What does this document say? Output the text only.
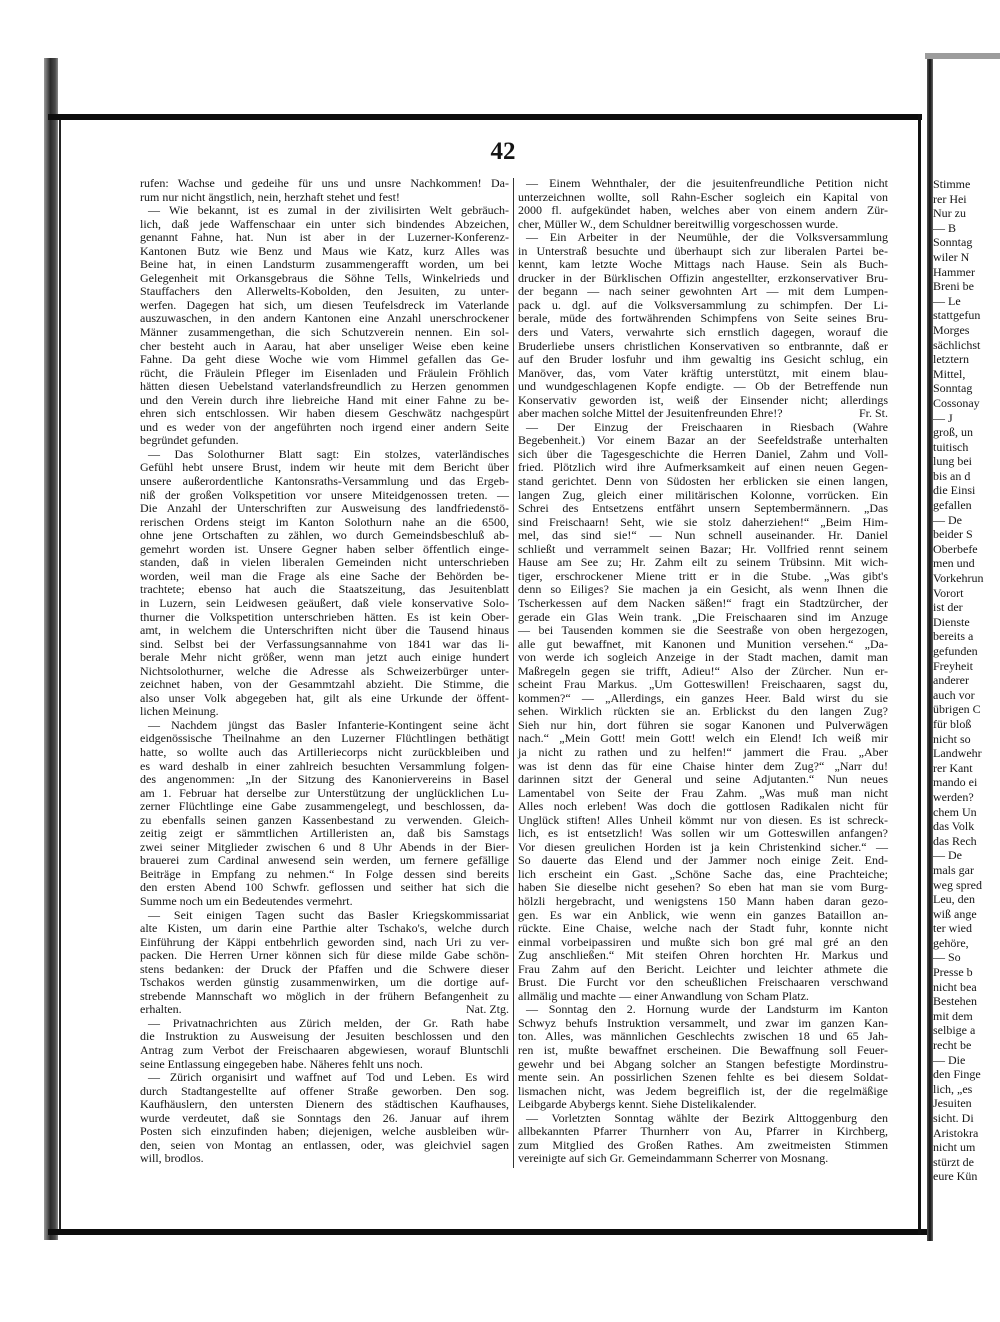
42
rufen: Wachse und gedeihe für uns und unsre Nachkommen! Da-
rum nur nicht ängstlich, nein, herzhaft stehet und fest!
— Wie bekannt, ist es zumal in der zivilisirten Welt gebräuch-
lich, daß jede Waffenschaar ein unter sich bindendes Abzeichen,
genannt Fahne, hat. Nun ist aber in der Luzerner-Konferenz-
Kantonen Butz wie Benz und Maus wie Katz, kurz Alles was
Beine hat, in einen Landsturm zusammengerafft worden, um bei
Gelegenheit mit Orkansgebraus die Söhne Tells, Winkelrieds und
Stauffachers den Allerwelts-Kobolden, den Jesuiten, zu unter-
werfen. Dagegen hat sich, um diesen Teufelsdreck im Vaterlande
auszuwaschen, in den andern Kantonen eine Anzahl unerschrockener
Männer zusammengethan, die sich Schutzverein nennen. Ein sol-
cher besteht auch in Aarau, hat aber unseliger Weise eben keine
Fahne. Da geht diese Woche wie vom Himmel gefallen das Ge-
rücht, die Fräulein Pfleger im Eisenladen und Fräulein Fröhlich
hätten diesen Uebelstand vaterlandsfreundlich zu Herzen genommen
und den Verein durch ihre liebreiche Hand mit einer Fahne zu be-
ehren sich entschlossen. Wir haben diesem Geschwätz nachgespürt
und es weder von der angeführten noch irgend einer andern Seite
begründet gefunden.
— Das Solothurner Blatt sagt: Ein stolzes, vaterländisches
Gefühl hebt unsere Brust, indem wir heute mit dem Bericht über
unsere außerordentliche Kantonsraths-Versammlung und das Ergeb-
niß der großen Volkspetition vor unsere Miteidgenossen treten. —
Die Anzahl der Unterschriften zur Ausweisung des landfriedenstö-
rerischen Ordens steigt im Kanton Solothurn nahe an die 6500,
ohne jene Ortschaften zu zählen, wo durch Gemeindsbeschluß ab-
gemehrt worden ist. Unsere Gegner haben selber öffentlich einge-
standen, daß in vielen liberalen Gemeinden nicht unterschrieben
worden, weil man die Frage als eine Sache der Behörden be-
trachtete; ebenso hat auch die Staatszeitung, das Jesuitenblatt
in Luzern, sein Leidwesen geäußert, daß viele konservative Solo-
thurner die Volkspetition unterschrieben hätten. Es ist kein Ober-
amt, in welchem die Unterschriften nicht über die Tausend hinaus
sind. Selbst bei der Verfassungsannahme von 1841 war das li-
berale Mehr nicht größer, wenn man jetzt auch einige hundert
Nichtsolothurner, welche die Adresse als Schweizerbürger unter-
zeichnet haben, von der Gesammtzahl abzieht. Die Stimme, die
also unser Volk abgegeben hat, gilt als eine Urkunde der öffent-
lichen Meinung.
— Nachdem jüngst das Basler Infanterie-Kontingent seine ächt
eidgenössische Theilnahme an den Luzerner Flüchtlingen bethätigt
hatte, so wollte auch das Artilleriecorps nicht zurückbleiben und
es ward deshalb in einer zahlreich besuchten Versammlung folgen-
des angenommen: „In der Sitzung des Kanoniervereins in Basel
am 1. Februar hat derselbe zur Unterstützung der unglücklichen Lu-
zerner Flüchtlinge eine Gabe zusammengelegt, und beschlossen, da-
zu ebenfalls seinen ganzen Kassenbestand zu verwenden. Gleich-
zeitig zeigt er sämmtlichen Artilleristen an, daß bis Samstags
zwei seiner Mitglieder zwischen 6 und 8 Uhr Abends in der Bier-
brauerei zum Cardinal anwesend sein werden, um fernere gefällige
Beiträge in Empfang zu nehmen.“ In Folge dessen sind bereits
den ersten Abend 100 Schwfr. geflossen und seither hat sich die
Summe noch um ein Bedeutendes vermehrt.
— Seit einigen Tagen sucht das Basler Kriegskommissariat
alte Kisten, um darin eine Parthie alter Tschako's, welche durch
Einführung der Käppi entbehrlich geworden sind, nach Uri zu ver-
packen. Die Herren Urner können sich für diese milde Gabe schön-
stens bedanken: der Druck der Pfaffen und die Schwere dieser
Tschakos werden günstig zusammenwirken, um die dortige auf-
strebende Mannschaft wo möglich in der frühern Befangenheit zu
erhalten.	Nat. Ztg.
— Privatnachrichten aus Zürich melden, der Gr. Rath habe
die Instruktion zu Ausweisung der Jesuiten beschlossen und den
Antrag zum Verbot der Freischaaren abgewiesen, worauf Bluntschli
seine Entlassung eingegeben habe. Näheres fehlt uns noch.
— Zürich organisirt und waffnet auf Tod und Leben. Es wird
durch Stadtangestellte auf offener Straße geworben. Den sog.
Kaufhäuslern, den untersten Dienern des städtischen Kaufhauses,
wurde verdeutet, daß sie Sonntags den 26. Januar auf ihrem
Posten sich einzufinden haben; diejenigen, welche ausbleiben wür-
den, seien von Montag an entlassen, oder, was gleichviel sagen
will, brodlos.
— Einem Wehnthaler, der die jesuitenfreundliche Petition nicht
unterzeichnen wollte, soll Rahn-Escher sogleich ein Kapital von
2000 fl. aufgekündet haben, welches aber von einem andern Zür-
cher, Müller W., dem Schuldner bereitwillig vorgeschossen wurde.
— Ein Arbeiter in der Neumühle, der die Volksversammlung
in Unterstraß besuchte und überhaupt sich zur liberalen Partei be-
kennt, kam letzte Woche Mittags nach Hause. Sein als Buch-
drucker in der Bürklischen Offizin angestellter, erzkonservativer Bru-
der begann — nach seiner gewohnten Art — mit dem Lumpen-
pack u. dgl. auf die Volksversammlung zu schimpfen. Der Li-
berale, müde des fortwährenden Schimpfens von Seite seines Bru-
ders und Vaters, verwahrte sich ernstlich dagegen, worauf die
Bruderliebe unsers christlichen Konservativen so entbrannte, daß er
auf den Bruder losfuhr und ihm gewaltig ins Gesicht schlug, ein
Manöver, das, vom Vater kräftig unterstützt, mit einem blau-
und wundgeschlagenen Kopfe endigte. — Ob der Betreffende nun
Konservativ geworden ist, weiß der Einsender nicht; allerdings
aber machen solche Mittel der Jesuitenfreunden Ehre!?	Fr. St.
— Der Einzug der Freischaaren in Riesbach (Wahre
Begebenheit.) Vor einem Bazar an der Seefeldstraße unterhalten
sich über die Tagesgeschichte die Herren Daniel, Zahm und Voll-
fried. Plötzlich wird ihre Aufmerksamkeit auf einen neuen Gegen-
stand gerichtet. Denn von Südosten her erblicken sie einen langen,
langen Zug, gleich einer militärischen Kolonne, vorrücken. Ein
Schrei des Entsetzens entfährt unsern Septembermännern. „Das
sind Freischaarn! Seht, wie sie stolz daherziehen!“ „Beim Him-
mel, das sind sie!“ — Nun schnell auseinander. Hr. Daniel
schließt und verrammelt seinen Bazar; Hr. Vollfried rennt seinem
Hause am See zu; Hr. Zahm eilt zu seinem Trübsinn. Mit wich-
tiger, erschrockener Miene tritt er in die Stube. „Was gibt's
denn so Eiliges? Sie machen ja ein Gesicht, als wenn Ihnen die
Tscherkessen auf dem Nacken säßen!“ fragt ein Stadtzürcher, der
gerade ein Glas Wein trank. „Die Freischaaren sind im Anzuge
— bei Tausenden kommen sie die Seestraße von oben hergezogen,
alle gut bewaffnet, mit Kanonen und Munition versehen.“ „Da-
von werde ich sogleich Anzeige in der Stadt machen, damit man
Maßregeln gegen sie trifft, Adieu!“ Also der Zürcher. Nun er-
scheint Frau Markus. „Um Gotteswillen! Freischaaren, sagst du,
kommen?“ — „Allerdings, ein ganzes Heer. Bald wirst du sie
sehen. Wirklich rückten sie an. Erblickst du den langen Zug?
Sieh nur hin, dort führen sie sogar Kanonen und Pulverwägen
nach.“ „Mein Gott! mein Gott! welch ein Elend! Ich weiß mir
ja nicht zu rathen und zu helfen!“ jammert die Frau. „Aber
was ist denn das für eine Chaise hinter dem Zug?“ „Narr du!
darinnen sitzt der General und seine Adjutanten.“ Nun neues
Lamentabel von Seite der Frau Zahm. „Was muß man nicht
Alles noch erleben! Was doch die gottlosen Radikalen nicht für
Unglück stiften! Alles Unheil kömmt nur von diesen. Es ist schreck-
lich, es ist entsetzlich! Was sollen wir um Gotteswillen anfangen?
Vor diesen greulichen Horden ist ja kein Christenkind sicher.“ —
So dauerte das Elend und der Jammer noch einige Zeit. End-
lich erscheint ein Gast. „Schöne Sache das, eine Prachteiche;
haben Sie dieselbe nicht gesehen? So eben hat man sie vom Burg-
hölzli hergebracht, und wenigstens 150 Mann haben daran gezo-
gen. Es war ein Anblick, wie wenn ein ganzes Bataillon an-
rückte. Eine Chaise, welche nach der Stadt fuhr, konnte nicht
einmal vorbeipassiren und mußte sich bon gré mal gré an den
Zug anschließen.“ Mit steifen Ohren horchten Hr. Markus und
Frau Zahm auf den Bericht. Leichter und leichter athmete die
Brust. Die Furcht vor den scheußlichen Freischaaren verschwand
allmälig und machte — einer Anwandlung von Scham Platz.
— Sonntag den 2. Hornung wurde der Landsturm im Kanton
Schwyz behufs Instruktion versammelt, und zwar im ganzen Kan-
ton. Alles, was männlichen Geschlechts zwischen 18 und 65 Jah-
ren ist, mußte bewaffnet erscheinen. Die Bewaffnung soll Feuer-
gewehr und bei Abgang solcher an Stangen befestigte Mordinstru-
mente sein. An possirlichen Szenen fehlte es bei diesem Soldat-
lismachen nicht, was Jedem begreiflich ist, der die regelmäßige
Leibgarde Abybergs kennt. Siehe Distelikalender.
— Vorletzten Sonntag wählte der Bezirk Alttoggenburg den
allbekannten Pfarrer Thurnherr von Au, Pfarrer in Kirchberg,
zum Mitglied des Großen Rathes. Am zweitmeisten Stimmen
vereinigte auf sich Gr. Gemeindammann Scherrer von Mosnang.
Stimme
rer Hei
Nur zu
— B
Sonntag
wiler N
Hammer
Breni be
— Le
stattgefun
Morges
sächlichst
letztern
Mittel,
Sonntag
Cossonay
— J
groß, un
tuitisch
lung bei
bis an d
die Einsi
gefallen
— De
beider S
Oberbefe
men und
Vorkehrun
Vorort
ist der
Dienste
bereits a
gefunden
Freyheit
anderer
auch vor
übrigen C
für bloß
nicht so
Landwehr
rer Kant
mando ei
werden?
chem Un
das Volk
das Rech
— De
mals gar
weg spred
Leu, den
wiß ange
ter wied
gehöre,
— So
Presse b
nicht bea
Bestehen
mit dem
selbige a
recht be
— Die
den Finge
lich, „es
Jesuiten
sicht. Di
Aristokra
nicht um
stürzt de
eure Kün
